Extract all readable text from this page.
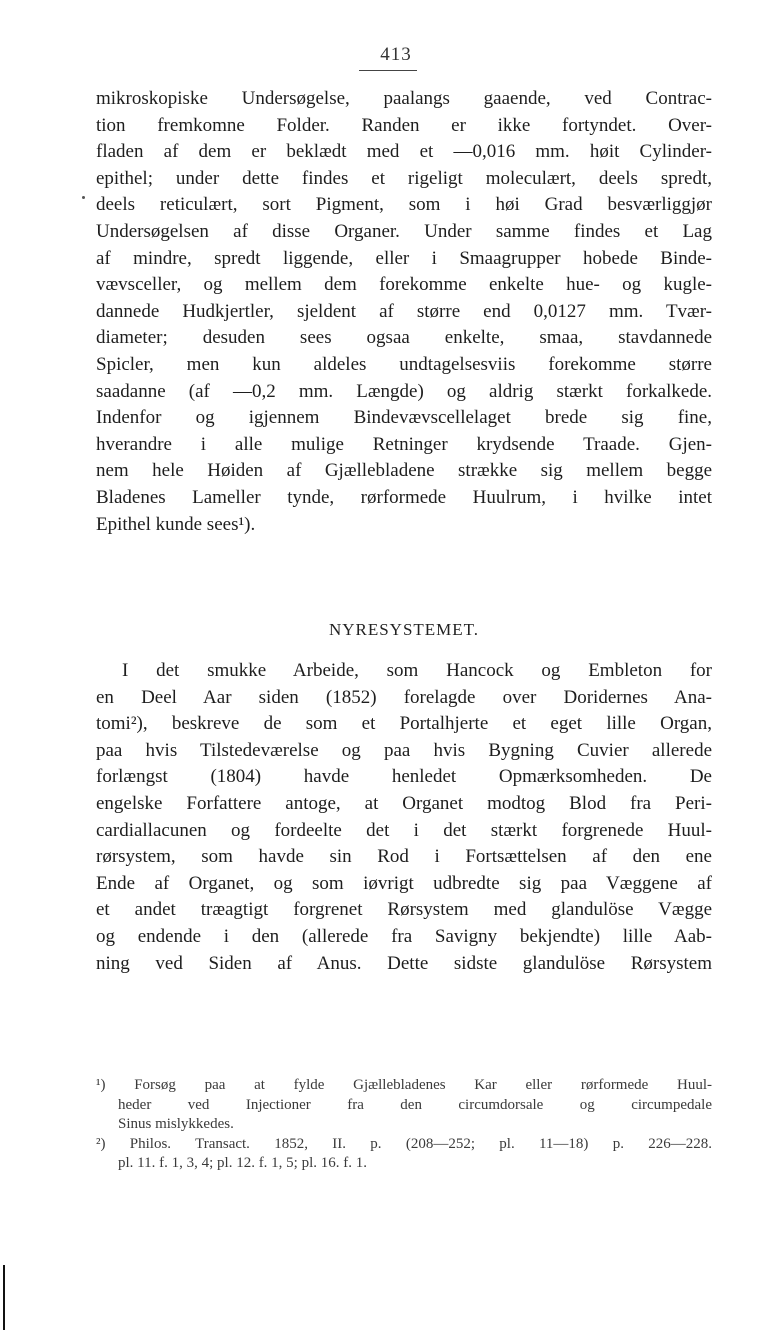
413
mikroskopiske Undersøgelse, paalangs gaaende, ved Contrac-
tion fremkomne Folder. Randen er ikke fortyndet. Over-
fladen af dem er beklædt med et —0,016 mm. høit Cylinder-
epithel; under dette findes et rigeligt moleculært, deels spredt,
deels reticulært, sort Pigment, som i høi Grad besværliggjør
Undersøgelsen af disse Organer. Under samme findes et Lag
af mindre, spredt liggende, eller i Smaagrupper hobede Binde-
vævsceller, og mellem dem forekomme enkelte hue- og kugle-
dannede Hudkjertler, sjeldent af større end 0,0127 mm. Tvær-
diameter; desuden sees ogsaa enkelte, smaa, stavdannede
Spicler, men kun aldeles undtagelsesviis forekomme større
saadanne (af —0,2 mm. Længde) og aldrig stærkt forkalkede.
Indenfor og igjennem Bindevævscellelaget brede sig fine,
hverandre i alle mulige Retninger krydsende Traade. Gjen-
nem hele Høiden af Gjællebladene strække sig mellem begge
Bladenes Lameller tynde, rørformede Huulrum, i hvilke intet
Epithel kunde sees¹).
NYRESYSTEMET.
I det smukke Arbeide, som Hancock og Embleton for
en Deel Aar siden (1852) forelagde over Doridernes Ana-
tomi²), beskreve de som et Portalhjerte et eget lille Organ,
paa hvis Tilstedeværelse og paa hvis Bygning Cuvier allerede
forlængst (1804) havde henledet Opmærksomheden. De
engelske Forfattere antoge, at Organet modtog Blod fra Peri-
cardiallacunen og fordeelte det i det stærkt forgrenede Huul-
rørsystem, som havde sin Rod i Fortsættelsen af den ene
Ende af Organet, og som iøvrigt udbredte sig paa Væggene af
et andet træagtigt forgrenet Rørsystem med glandulöse Vægge
og endende i den (allerede fra Savigny bekjendte) lille Aab-
ning ved Siden af Anus. Dette sidste glandulöse Rørsystem
¹) Forsøg paa at fylde Gjællebladenes Kar eller rørformede Huul-
heder ved Injectioner fra den circumdorsale og circumpedale
Sinus mislykkedes.
²) Philos. Transact. 1852, II. p. (208—252; pl. 11—18) p. 226—228.
pl. 11. f. 1, 3, 4; pl. 12. f. 1, 5; pl. 16. f. 1.
